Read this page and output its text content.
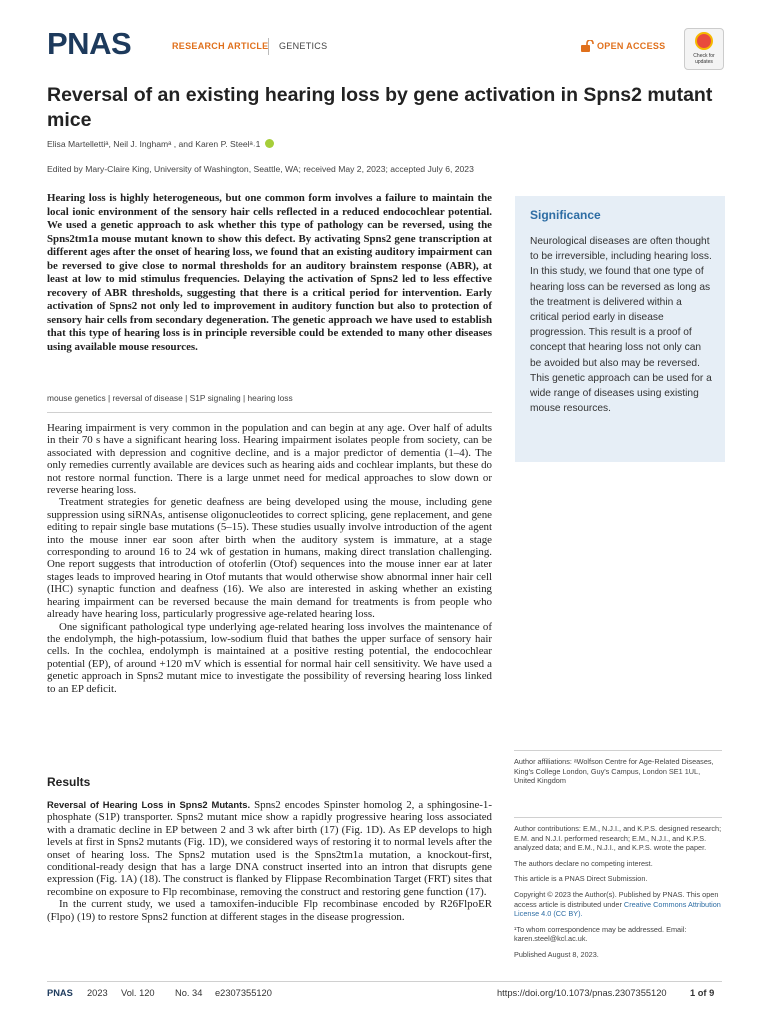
PNAS	RESEARCH ARTICLE GENETICS	OPEN ACCESS
Check for updates
Reversal of an existing hearing loss by gene activation in Spns2 mutant mice
Elisa Martellettiᵃ, Neil J. Inghamᵃ , and Karen P. Steelᵃ˒1
Edited by Mary-Claire King, University of Washington, Seattle, WA; received May 2, 2023; accepted July 6, 2023
Hearing loss is highly heterogeneous, but one common form involves a failure to maintain the local ionic environment of the sensory hair cells reflected in a reduced endocochlear potential. We used a genetic approach to ask whether this type of pathology can be reversed, using the Spns2tm1a mouse mutant known to show this defect. By activating Spns2 gene transcription at different ages after the onset of hearing loss, we found that an existing auditory impairment can be reversed to give close to normal thresholds for an auditory brainstem response (ABR), at least at low to mid stimulus frequencies. Delaying the activation of Spns2 led to less effective recovery of ABR thresholds, suggesting that there is a critical period for intervention. Early activation of Spns2 not only led to improvement in auditory function but also to protection of sensory hair cells from secondary degeneration. The genetic approach we have used to establish that this type of hearing loss is in principle reversible could be extended to many other diseases using available mouse resources.
mouse genetics | reversal of disease | S1P signaling | hearing loss

Hearing impairment is very common in the population and can begin at any age. Over half of adults in their 70 s have a significant hearing loss. Hearing impairment isolates people from society, can be associated with depression and cognitive decline, and is a major predictor of dementia (1–4). The only remedies currently available are devices such as hearing aids and cochlear implants, but these do not restore normal function. There is a large unmet need for medical approaches to slow down or reverse hearing loss.

Treatment strategies for genetic deafness are being developed using the mouse, including gene suppression using siRNAs, antisense oligonucleotides to correct splicing, gene replacement, and gene editing to repair single base mutations (5–15). These studies usually involve introduction of the agent into the mouse inner ear soon after birth when the auditory system is immature, at a stage corresponding to around 16 to 24 wk of gestation in humans, making direct translation challenging. One report suggests that introduction of otoferlin (Otof) sequences into the mouse inner ear at later stages leads to improved hearing in Otof mutants that would otherwise show abnormal inner hair cell (IHC) synaptic function and deafness (16). We also are interested in asking whether an existing hearing impairment can be reversed because the main demand for treatments is from people who already have hearing loss, particularly progressive age-related hearing loss.

One significant pathological type underlying age-related hearing loss involves the maintenance of the endolymph, the high-potassium, low-sodium fluid that bathes the upper surface of sensory hair cells. In the cochlea, endolymph is maintained at a positive resting potential, the endocochlear potential (EP), of around +120 mV which is essential for normal hair cell sensitivity. We have used a genetic approach in Spns2 mutant mice to investigate the possibility of reversing hearing loss linked to an EP deficit.

Results

Reversal of Hearing Loss in Spns2 Mutants. Spns2 encodes Spinster homolog 2, a sphingosine-1-phosphate (S1P) transporter. Spns2 mutant mice show a rapidly progressive hearing loss associated with a dramatic decline in EP between 2 and 3 wk after birth (17) (Fig. 1D). As EP develops to high levels at first in Spns2 mutants (Fig. 1D), we considered ways of restoring it to normal levels after the onset of hearing loss. The Spns2 mutation used is the Spns2tm1a mutation, a knockout-first, conditional-ready design that has a large DNA construct inserted into an intron that disrupts gene expression (Fig. 1A) (18). The construct is flanked by Flippase Recombination Target (FRT) sites that recombine on exposure to Flp recombinase, removing the construct and restoring gene function (17).

In the current study, we used a tamoxifen-inducible Flp recombinase encoded by R26FlpoER (Flpo) (19) to restore Spns2 function at different stages in the disease progression.

Significance
Neurological diseases are often thought to be irreversible, including hearing loss. In this study, we found that one type of hearing loss can be reversed as long as the treatment is delivered within a critical period early in disease progression. This result is a proof of concept that hearing loss not only can be avoided but also may be reversed. This genetic approach can be used for a wide range of diseases using existing mouse resources.

Author affiliations: ᵃWolfson Centre for Age-Related Diseases, King's College London, Guy's Campus, London SE1 1UL, United Kingdom

Author contributions: E.M., N.J.I., and K.P.S. designed research; E.M. and N.J.I. performed research; E.M., N.J.I., and K.P.S. analyzed data; and E.M., N.J.I., and K.P.S. wrote the paper.

The authors declare no competing interest.

This article is a PNAS Direct Submission.

Copyright © 2023 the Author(s). Published by PNAS. This open access article is distributed under Creative Commons Attribution License 4.0 (CC BY).

¹To whom correspondence may be addressed. Email: karen.steel@kcl.ac.uk.

Published August 8, 2023.

PNAS 2023 Vol. 120 No. 34 e2307355120	https://doi.org/10.1073/pnas.2307355120	1 of 9
